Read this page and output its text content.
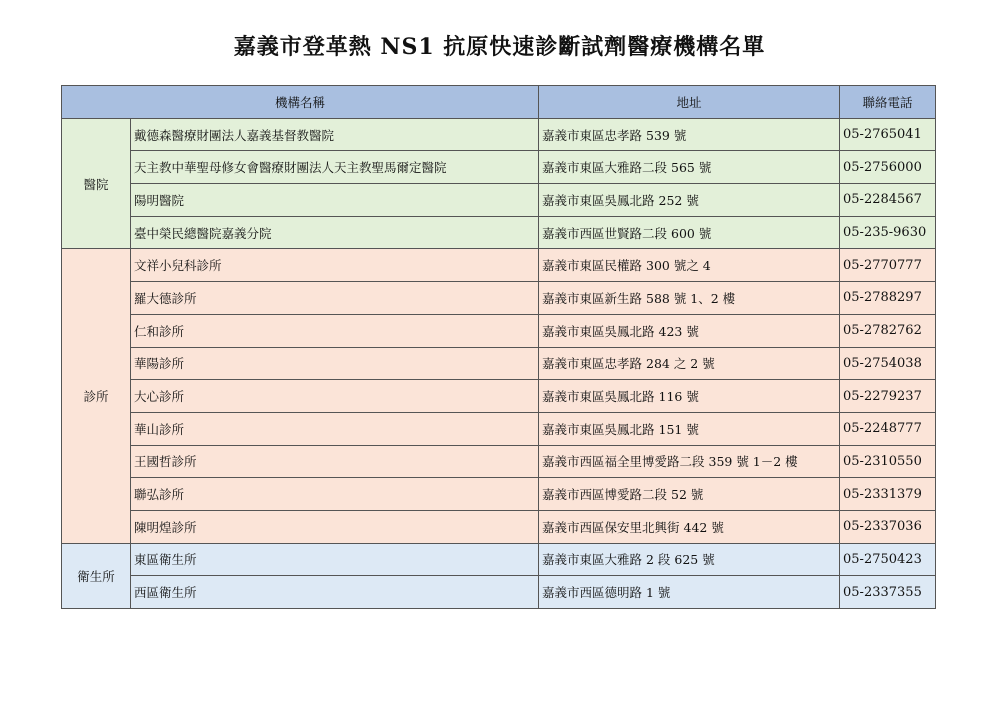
嘉義市登革熱 NS1 抗原快速診斷試劑醫療機構名單
機構名稱		地址	聯絡電話
醫院	戴德森醫療財團法人嘉義基督教醫院	嘉義市東區忠孝路 539 號	05-2765041
	天主教中華聖母修女會醫療財團法人天主教聖馬爾定醫院	嘉義市東區大雅路二段 565 號	05-2756000
	陽明醫院	嘉義市東區吳鳳北路 252 號	05-2284567
	臺中榮民總醫院嘉義分院	嘉義市西區世賢路二段 600 號	05-235-9630
診所	文祥小兒科診所	嘉義市東區民權路 300 號之 4	05-2770777
	羅大德診所	嘉義市東區新生路 588 號 1、2 樓	05-2788297
	仁和診所	嘉義市東區吳鳳北路 423 號	05-2782762
	華陽診所	嘉義市東區忠孝路 284 之 2 號	05-2754038
	大心診所	嘉義市東區吳鳳北路 116 號	05-2279237
	華山診所	嘉義市東區吳鳳北路 151 號	05-2248777
	王國哲診所	嘉義市西區福全里博愛路二段 359 號 1－2 樓	05-2310550
	聯弘診所	嘉義市西區博愛路二段 52 號	05-2331379
	陳明煌診所	嘉義市西區保安里北興街 442 號	05-2337036
衛生所	東區衛生所	嘉義市東區大雅路 2 段 625 號	05-2750423
	西區衛生所	嘉義市西區德明路 1 號	05-2337355
